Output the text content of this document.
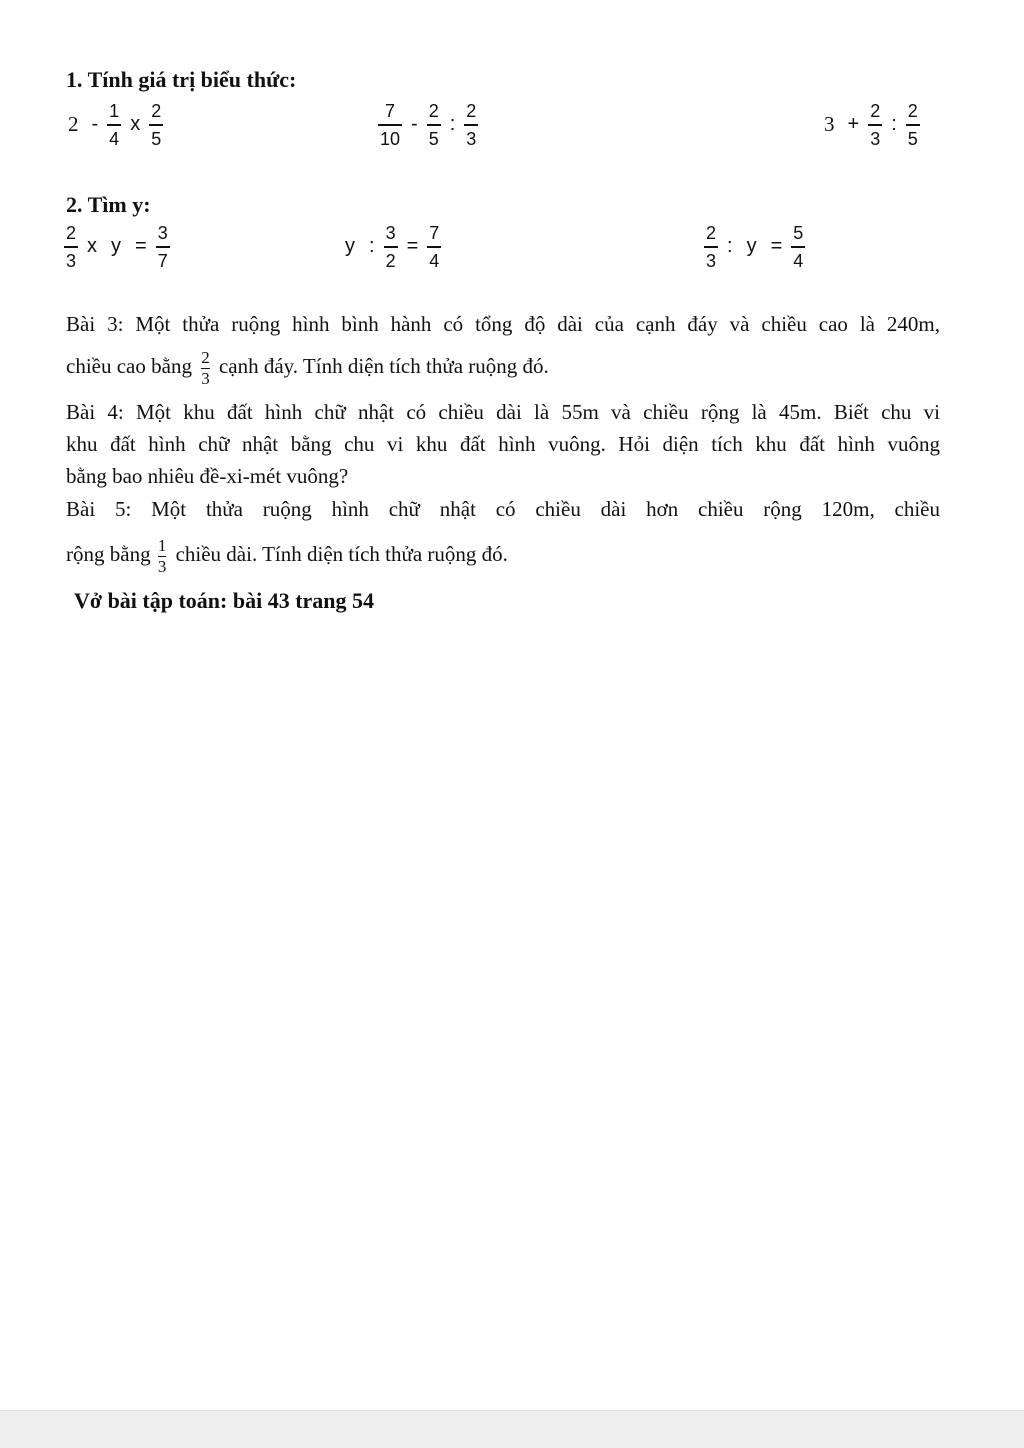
1. Tính giá trị biểu thức:
$2 - \frac{1}{4}$ x $\frac{2}{5}$	$\frac{7}{10} - \frac{2}{5}$ : $\frac{2}{3}$	$3 + \frac{2}{3}$ : $\frac{2}{5}$
2. Tìm y:
$\frac{2}{3}$ x $y = \frac{3}{7}$	y : $\frac{3}{2} = \frac{7}{4}$	$\frac{2}{3}$ : $y = \frac{5}{4}$
Bài 3: Một thửa ruộng hình bình hành có tổng độ dài của cạnh đáy và chiều cao là 240m,
chiều cao bằng $\frac{2}{3}$ cạnh đáy. Tính diện tích thửa ruộng đó.
Bài 4: Một khu đất hình chữ nhật có chiều dài là 55m và chiều rộng là 45m. Biết chu vi
khu đất hình chữ nhật bằng chu vi khu đất hình vuông. Hỏi diện tích khu đất hình vuông
bằng bao nhiêu đề-xi-mét vuông?
Bài 5: Một thửa ruộng hình chữ nhật có chiều dài hơn chiều rộng 120m, chiều
rộng bằng $\frac{1}{3}$ chiều dài. Tính diện tích thửa ruộng đó.
Vở bài tập toán: bài 43 trang 54
